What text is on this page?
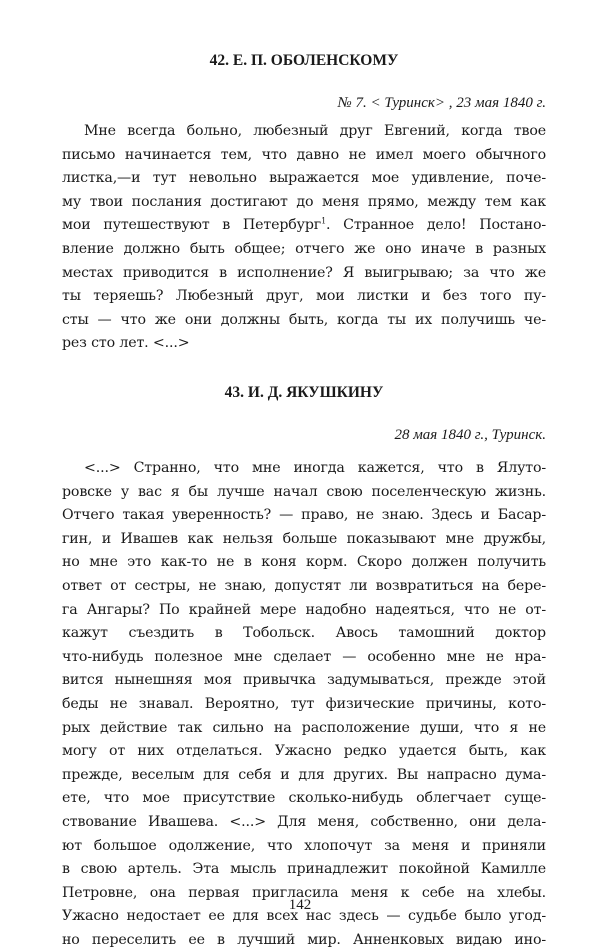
42. Е. П. ОБОЛЕНСКОМУ
№ 7. < Туринск> , 23 мая 1840 г.
Мне всегда больно, любезный друг Евгений, когда твое
письмо начинается тем, что давно не имел моего обычного
листка,—и тут невольно выражается мое удивление, поче-
му твои послания достигают до меня прямо, между тем как
мои путешествуют в Петербург$^1$. Странное дело! Постано-
вление должно быть общее; отчего же оно иначе в разных
местах приводится в исполнение? Я выигрываю; за что же
ты теряешь? Любезный друг, мои листки и без того пу-
сты — что же они должны быть, когда ты их получишь че-
рез сто лет. <...>
43. И. Д. ЯКУШКИНУ
28 мая 1840 г., Туринск.
<...> Странно, что мне иногда кажется, что в Ялуто-
ровске у вас я бы лучше начал свою поселенческую жизнь.
Отчего такая уверенность? — право, не знаю. Здесь и Басар-
гин, и Ивашев как нельзя больше показывают мне дружбы,
но мне это как-то не в коня корм. Скоро должен получить
ответ от сестры, не знаю, допустят ли возвратиться на бере-
га Ангары? По крайней мере надобно надеяться, что не от-
кажут съездить в Тобольск. Авось тамошний доктор
что-нибудь полезное мне сделает — особенно мне не нра-
вится нынешняя моя привычка задумываться, прежде этой
беды не знавал. Вероятно, тут физические причины, кото-
рых действие так сильно на расположение души, что я не
могу от них отделаться. Ужасно редко удается быть, как
прежде, веселым для себя и для других. Вы напрасно дума-
ете, что мое присутствие сколько-нибудь облегчает суще-
ствование Ивашева. <...> Для меня, собственно, они дела-
ют большое одолжение, что хлопочут за меня и приняли
в свою артель. Эта мысль принадлежит покойной Камилле
Петровне, она первая пригласила меня к себе на хлебы.
Ужасно недостает ее для всех нас здесь — судьбе было угод-
но переселить ее в лучший мир. Анненковых видаю ино-
142
